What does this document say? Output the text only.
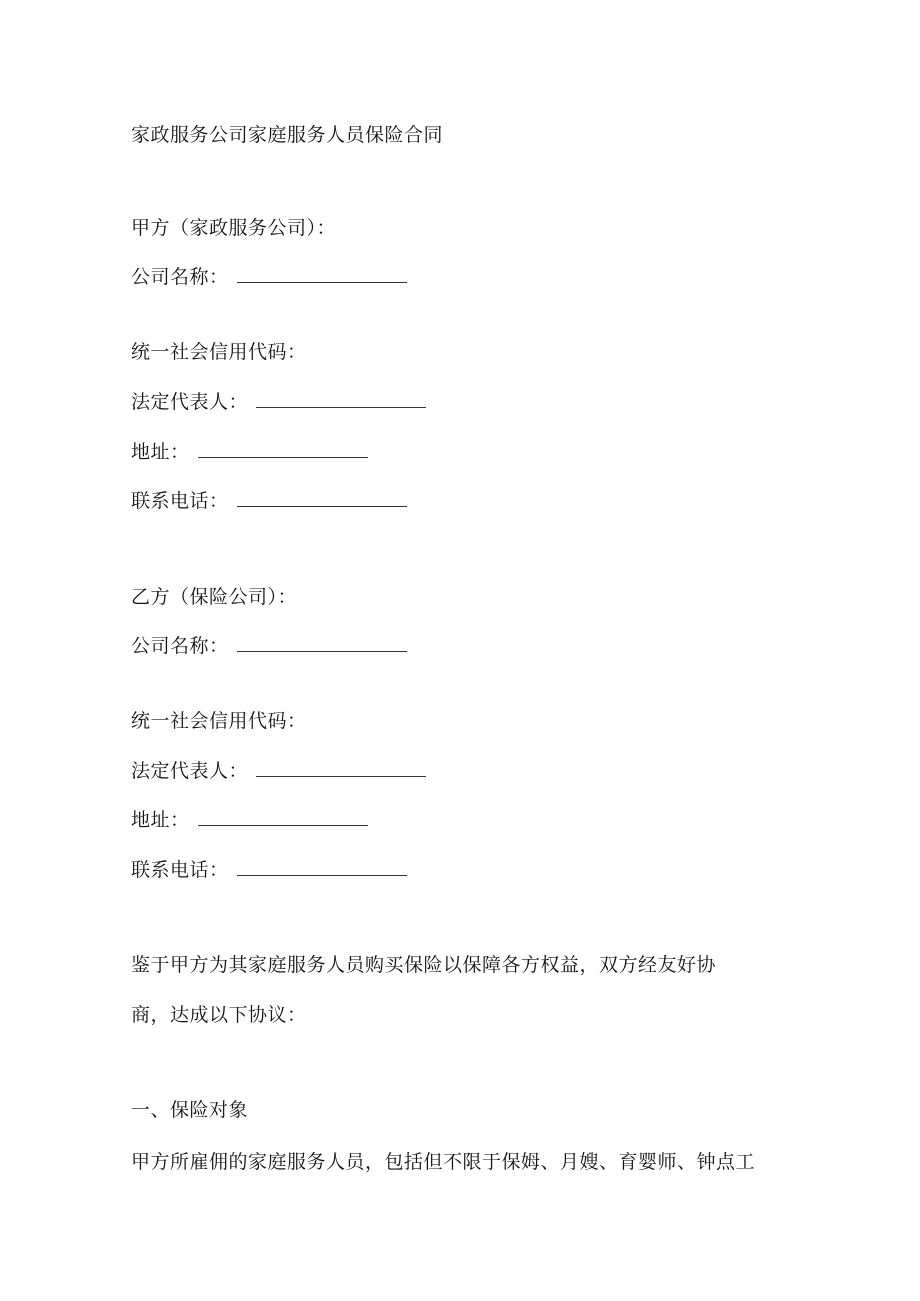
家政服务公司家庭服务人员保险合同
甲方（家政服务公司）：
公司名称：
统一社会信用代码：
法定代表人：
地址：
联系电话：
乙方（保险公司）：
公司名称：
统一社会信用代码：
法定代表人：
地址：
联系电话：
鉴于甲方为其家庭服务人员购买保险以保障各方权益，双方经友好协
商，达成以下协议：
一、保险对象
甲方所雇佣的家庭服务人员，包括但不限于保姆、月嫂、育婴师、钟点工
